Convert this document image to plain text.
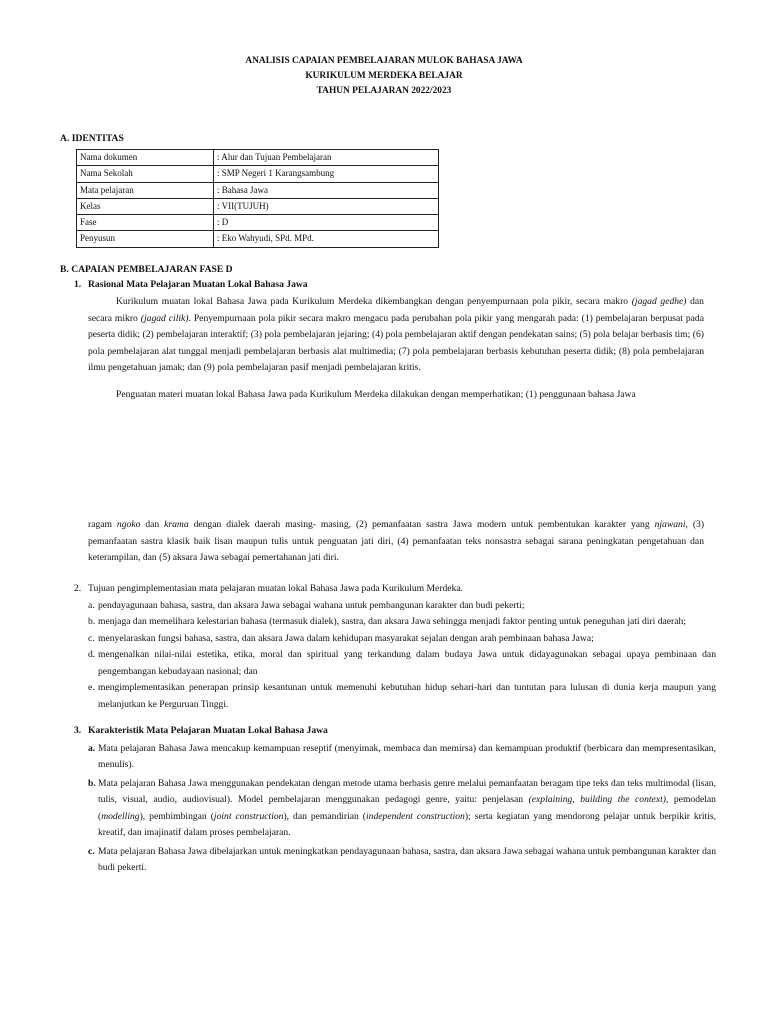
ANALISIS CAPAIAN PEMBELAJARAN MULOK BAHASA JAWA
KURIKULUM MERDEKA BELAJAR
TAHUN PELAJARAN 2022/2023
A. IDENTITAS
Nama dokumen	: Alur dan Tujuan Pembelajaran
Nama Sekolah	: SMP Negeri 1 Karangsambung
Mata pelajaran	: Bahasa Jawa
Kelas	: VII(TUJUH)
Fase	: D
Penyusun	: Eko Wahyudi, SPd. MPd.
B. CAPAIAN PEMBELAJARAN FASE D
1. Rasional Mata Pelajaran Muatan Lokal Bahasa Jawa
Kurikulum muatan lokal Bahasa Jawa pada Kurikulum Merdeka dikembangkan dengan penyempurnaan pola pikir, secara makro (jagad gedhe) dan secara mikro (jagad cilik). Penyempurnaan pola pikir secara makro mengacu pada perubahan pola pikir yang mengarah pada: (1) pembelajaran berpusat pada peserta didik; (2) pembelajaran interaktif; (3) pola pembelajaran jejaring; (4) pola pembelajaran aktif dengan pendekatan sains; (5) pola belajar berbasis tim; (6) pola pembelajaran alat tunggal menjadi pembelajaran berbasis alat multimedia; (7) pola pembelajaran berbasis kebutuhan peserta didik; (8) pola pembelajaran ilmu pengetahuan jamak; dan (9) pola pembelajaran pasif menjadi pembelajaran kritis.
Penguatan materi muatan lokal Bahasa Jawa pada Kurikulum Merdeka dilakukan dengan memperhatikan; (1) penggunaan bahasa Jawa
ragam ngoko dan krama dengan dialek daerah masing- masing, (2) pemanfaatan sastra Jawa modern untuk pembentukan karakter yang njawani, (3) pemanfaatan sastra klasik baik lisan maupun tulis untuk penguatan jati diri, (4) pemanfaatan teks nonsastra sebagai sarana peningkatan pengetahuan dan keterampilan, dan (5) aksara Jawa sebagai pemertahanan jati diri.
2. Tujuan pengimplementasian mata pelajaran muatan lokal Bahasa Jawa pada Kurikulum Merdeka.
a. pendayagunaan bahasa, sastra, dan aksara Jawa sebagai wahana untuk pembangunan karakter dan budi pekerti;
b. menjaga dan memelihara kelestarian bahasa (termasuk dialek), sastra, dan aksara Jawa sehingga menjadi faktor penting untuk peneguhan jati diri daerah;
c. menyelaraskan fungsi bahasa, sastra, dan aksara Jawa dalam kehidupan masyarakat sejalan dengan arah pembinaan bahasa Jawa;
d. mengenalkan nilai-nilai estetika, etika, moral dan spiritual yang terkandung dalam budaya Jawa untuk didayagunakan sebagai upaya pembinaan dan pengembangan kebudayaan nasional; dan
e. mengimplementasikan penerapan prinsip kesantunan untuk memenuhi kebutuhan hidup sehari-hari dan tuntutan para lulusan di dunia kerja maupun yang melanjutkan ke Perguruan Tinggi.
3. Karakteristik Mata Pelajaran Muatan Lokal Bahasa Jawa
a. Mata pelajaran Bahasa Jawa mencakup kemampuan reseptif (menyimak, membaca dan memirsa) dan kemampuan produktif (berbicara dan mempresentasikan, menulis).
b. Mata pelajaran Bahasa Jawa menggunakan pendekatan dengan metode utama berbasis genre melalui pemanfaatan beragam tipe teks dan teks multimodal (lisan, tulis, visual, audio, audiovisual). Model pembelajaran menggunakan pedagogi genre, yaitu: penjelasan (explaining, building the context), pemodelan (modelling), pembimbingan (joint construction), dan pemandirian (independent construction); serta kegiatan yang mendorong pelajar untuk berpikir kritis, kreatif, dan imajinatif dalam proses pembelajaran.
c. Mata pelajaran Bahasa Jawa dibelajarkan untuk meningkatkan pendayagunaan bahasa, sastra, dan aksara Jawa sebagai wahana untuk pembangunan karakter dan budi pekerti.
